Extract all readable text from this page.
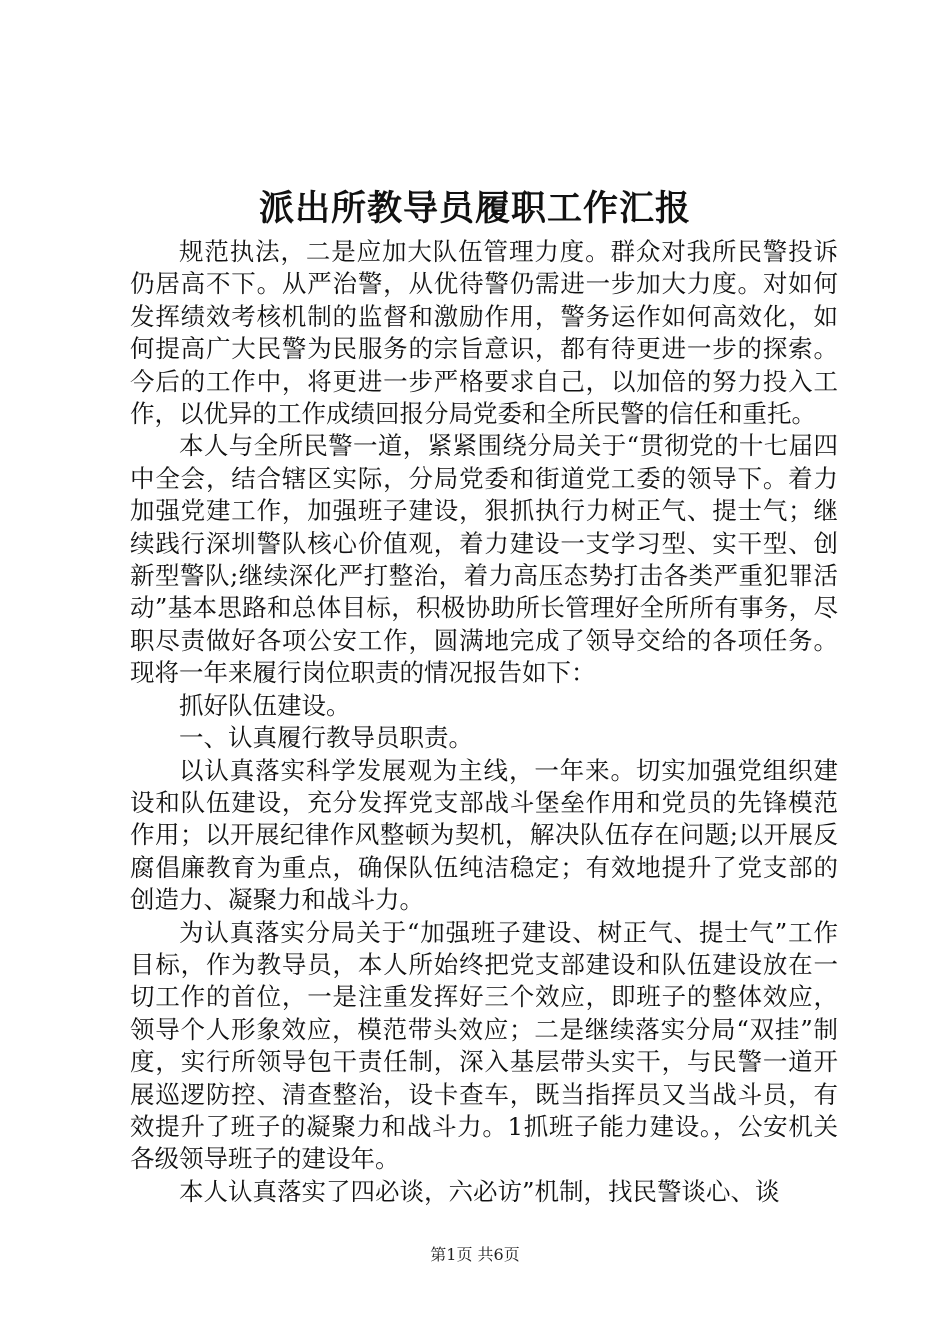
派出所教导员履职工作汇报

规范执法，二是应加大队伍管理力度。群众对我所民警投诉仍居高不下。从严治警，从优待警仍需进一步加大力度。对如何发挥绩效考核机制的监督和激励作用，警务运作如何高效化，如何提高广大民警为民服务的宗旨意识，都有待更进一步的探索。今后的工作中，将更进一步严格要求自己，以加倍的努力投入工作，以优异的工作成绩回报分局党委和全所民警的信任和重托。

本人与全所民警一道，紧紧围绕分局关于“贯彻党的十七届四中全会，结合辖区实际，分局党委和街道党工委的领导下。着力加强党建工作，加强班子建设，狠抓执行力树正气、提士气；继续践行深圳警队核心价值观，着力建设一支学习型、实干型、创新型警队;继续深化严打整治，着力高压态势打击各类严重犯罪活动”基本思路和总体目标，积极协助所长管理好全所所有事务，尽职尽责做好各项公安工作，圆满地完成了领导交给的各项任务。现将一年来履行岗位职责的情况报告如下：

抓好队伍建设。

一、认真履行教导员职责。

以认真落实科学发展观为主线，一年来。切实加强党组织建设和队伍建设，充分发挥党支部战斗堡垒作用和党员的先锋模范作用；以开展纪律作风整顿为契机，解决队伍存在问题;以开展反腐倡廉教育为重点，确保队伍纯洁稳定；有效地提升了党支部的创造力、凝聚力和战斗力。

为认真落实分局关于“加强班子建设、树正气、提士气”工作目标，作为教导员，本人所始终把党支部建设和队伍建设放在一切工作的首位，一是注重发挥好三个效应，即班子的整体效应，领导个人形象效应，模范带头效应；二是继续落实分局“双挂”制度，实行所领导包干责任制，深入基层带头实干，与民警一道开展巡逻防控、清查整治，设卡查车，既当指挥员又当战斗员，有效提升了班子的凝聚力和战斗力。1抓班子能力建设。，公安机关各级领导班子的建设年。

本人认真落实了四必谈，六必访”机制，找民警谈心、谈

第1页 共6页
